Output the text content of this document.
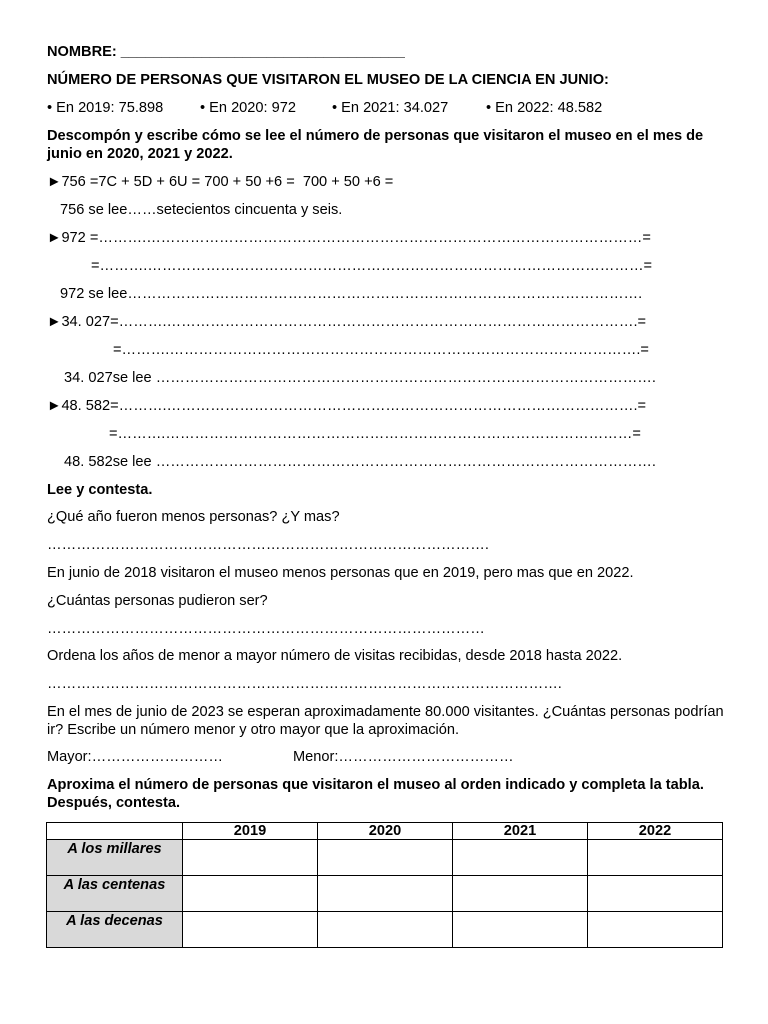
NOMBRE: ___________________________________
NÚMERO DE PERSONAS QUE VISITARON EL MUSEO DE LA CIENCIA EN JUNIO:
• En 2019: 75.898	• En 2020: 972 • En 2021: 34.027	• En 2022: 48.582
Descompón y escribe cómo se lee el número de personas que visitaron el museo en el mes de junio en 2020, 2021 y 2022.
►756 =7C + 5D + 6U = 700 + 50 +6 =  700 + 50 +6 =
756 se lee……setecientos cincuenta y seis.
►972 =……….…………………………………………………………………………………………=
=……….…………………………………………………………………………………………=
972 se lee…………………………………………………………………………………………….
►34. 027=……….…………………………………………………………………………………….=
=……….…………………………………………………………………………………….=
34. 027se lee ………………………………………………………………………………………….
►48. 582=……….…………………………………………………………………………………….=
=……….……………………………………………………………………………………=
48. 582se lee ………………………………………………………………………………………….
Lee y contesta.
¿Qué año fueron menos personas? ¿Y mas?
……………………………………………………………………………….
En junio de 2018 visitaron el museo menos personas que en 2019, pero mas que en 2022.
¿Cuántas personas pudieron ser?
………………………………………………………………………………
Ordena los años de menor a mayor número de visitas recibidas, desde 2018 hasta 2022.
…………………………………………………………………………………………….
En el mes de junio de 2023 se esperan aproximadamente 80.000 visitantes. ¿Cuántas personas podrían ir? Escribe un número menor y otro mayor que la aproximación.
Mayor:………………………	Menor:………………………………
Aproxima el número de personas que visitaron el museo al orden indicado y completa la tabla. Después, contesta.
	2019	2020	2021	2022
A los millares				
A las centenas				
A las decenas				
